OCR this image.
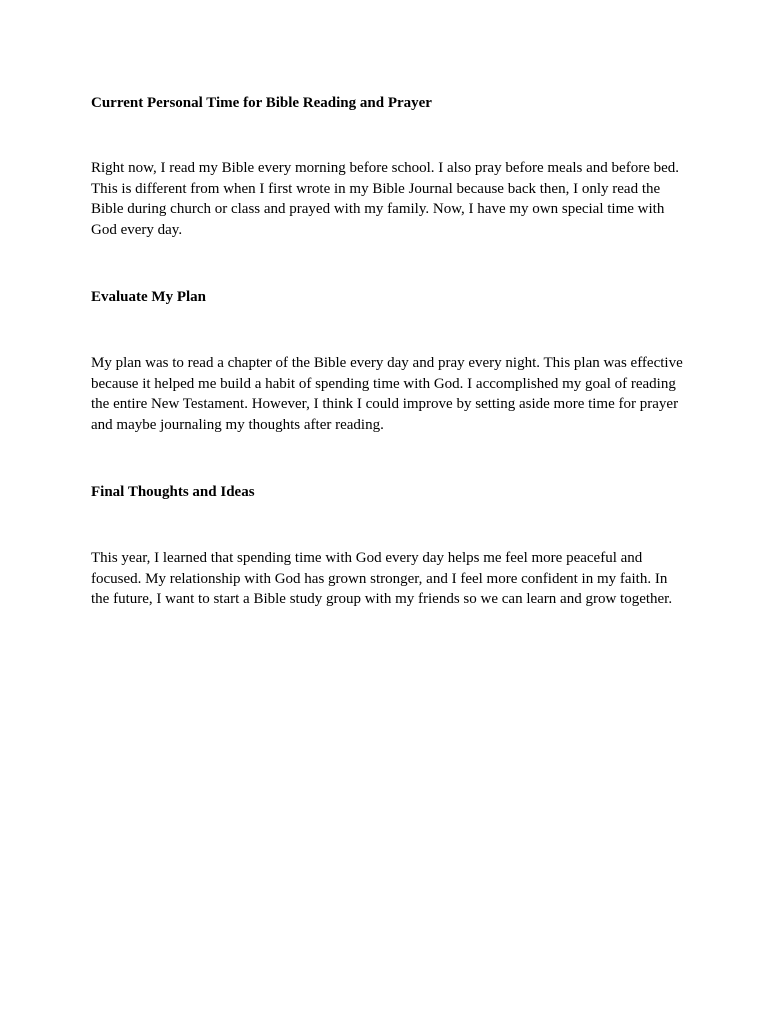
Current Personal Time for Bible Reading and Prayer

Right now, I read my Bible every morning before school. I also pray before meals and before bed. This is different from when I first wrote in my Bible Journal because back then, I only read the Bible during church or class and prayed with my family. Now, I have my own special time with God every day.

Evaluate My Plan

My plan was to read a chapter of the Bible every day and pray every night. This plan was effective because it helped me build a habit of spending time with God. I accomplished my goal of reading the entire New Testament. However, I think I could improve by setting aside more time for prayer and maybe journaling my thoughts after reading.

Final Thoughts and Ideas

This year, I learned that spending time with God every day helps me feel more peaceful and focused. My relationship with God has grown stronger, and I feel more confident in my faith. In the future, I want to start a Bible study group with my friends so we can learn and grow together.
